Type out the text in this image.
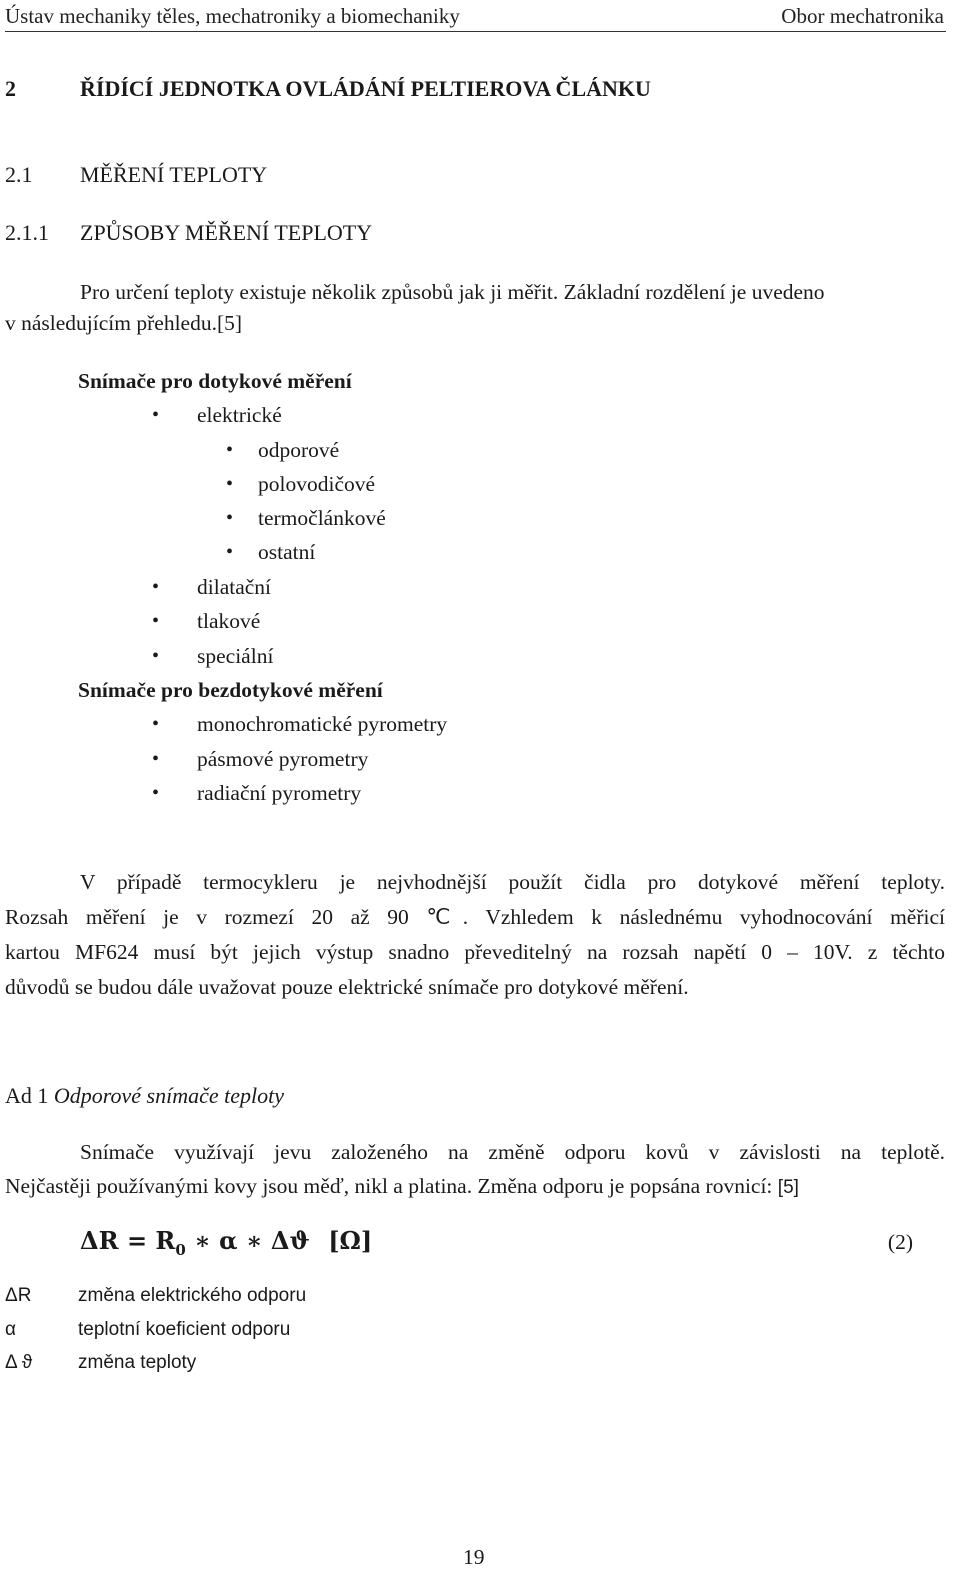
Ústav mechaniky těles, mechatroniky a biomechaniky	Obor mechatronika
2	ŘÍDÍCÍ JEDNOTKA OVLÁDÁNÍ PELTIEROVA ČLÁNKU
2.1 MĚŘENÍ TEPLOTY
2.1.1 ZPŮSOBY MĚŘENÍ TEPLOTY
Pro určení teploty existuje několik způsobů jak ji měřit. Základní rozdělení je uvedeno
v následujícím přehledu.[5]
Snímače pro dotykové měření
• elektrické
• odporové
• polovodičové
• termočlánkové
• ostatní
• dilatační
• tlakové
• speciální
Snímače pro bezdotykové měření
• monochromatické pyrometry
• pásmové pyrometry
• radiační pyrometry
V případě termocykleru je nejvhodnější použít čidla pro dotykové měření teploty.
Rozsah měření je v rozmezí 20 až 90 ℃. Vzhledem k následnému vyhodnocování měřicí
kartou MF624 musí být jejich výstup snadno převeditelný na rozsah napětí 0 – 10V. z těchto
důvodů se budou dále uvažovat pouze elektrické snímače pro dotykové měření.
Ad 1 Odporové snímače teploty
Snímače využívají jevu založeného na změně odporu kovů v závislosti na teplotě.
Nejčastěji používanými kovy jsou měď, nikl a platina. Změna odporu je popsána rovnicí: [5]
$\Delta R = R_0$ ∗ α ∗ Δϑ [Ω]	(2)
ΔR změna elektrického odporu
α	teplotní koeficient odporu
Δ ϑ změna teploty
19
